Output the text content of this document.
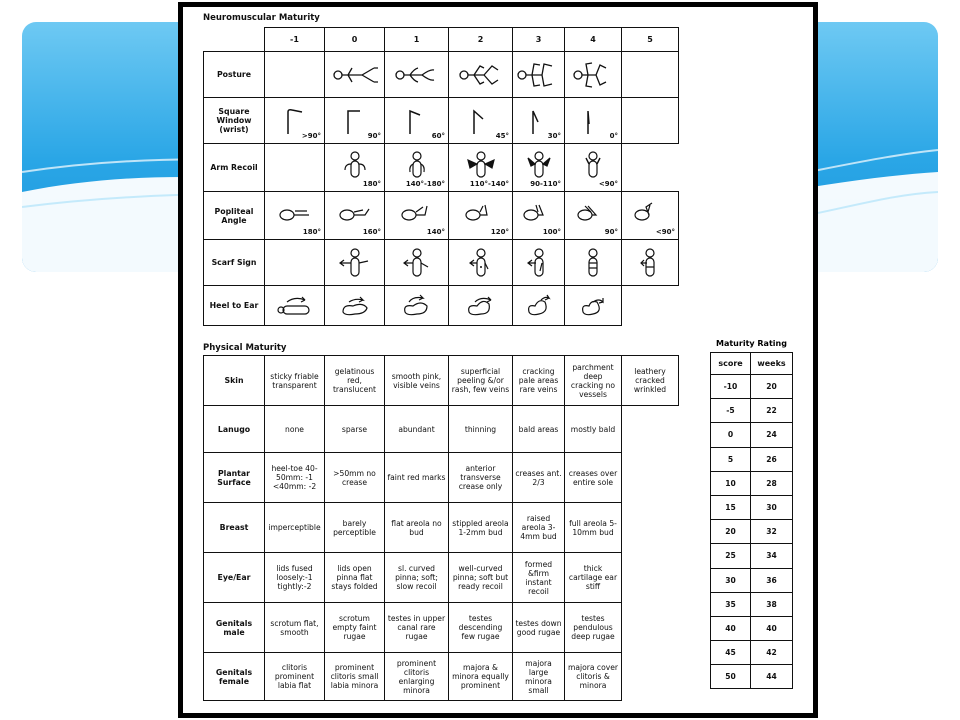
Neuromuscular Maturity
	-1	0	1	2	3	4	5	
Posture		

Square Window (wrist)	>90°	90°	60°	45°	30°	0°		

Arm Recoil		180°	140°-180°	110°-140°	90-110°	<90°		

Popliteal Angle	180°	160°	140°	120°	100°	90°	<90°	

Scarf Sign		

Heel to Ear	

Physical Maturity
Skin	sticky friable transparent	gelatinous red, translucent	smooth pink, visible veins	superficial peeling &/or rash, few veins	cracking pale areas rare veins	parchment deep cracking no vessels	leathery cracked wrinkled
Lanugo	none	sparse	abundant	thinning	bald areas	mostly bald	
Plantar Surface	heel-toe 40-50mm: -1 <40mm: -2	>50mm no crease	faint red marks	anterior transverse crease only	creases ant. 2/3	creases over entire sole	
Breast	imperceptible	barely perceptible	flat areola no bud	stippled areola 1-2mm bud	raised areola 3-4mm bud	full areola 5-10mm bud	
Eye/Ear	lids fused loosely:-1 tightly:-2	lids open pinna flat stays folded	sl. curved pinna; soft; slow recoil	well-curved pinna; soft but ready recoil	formed &firm instant recoil	thick cartilage ear stiff	
Genitals male	scrotum flat, smooth	scrotum empty faint rugae	testes in upper canal rare rugae	testes descending few rugae	testes down good rugae	testes pendulous deep rugae	
Genitals female	clitoris prominent labia flat	prominent clitoris small labia minora	prominent clitoris enlarging minora	majora & minora equally prominent	majora large minora small	majora cover clitoris & minora	
Maturity Rating
score	weeks
-10	20
-5	22
0	24
5	26
10	28
15	30
20	32
25	34
30	36
35	38
40	40
45	42
50	44
